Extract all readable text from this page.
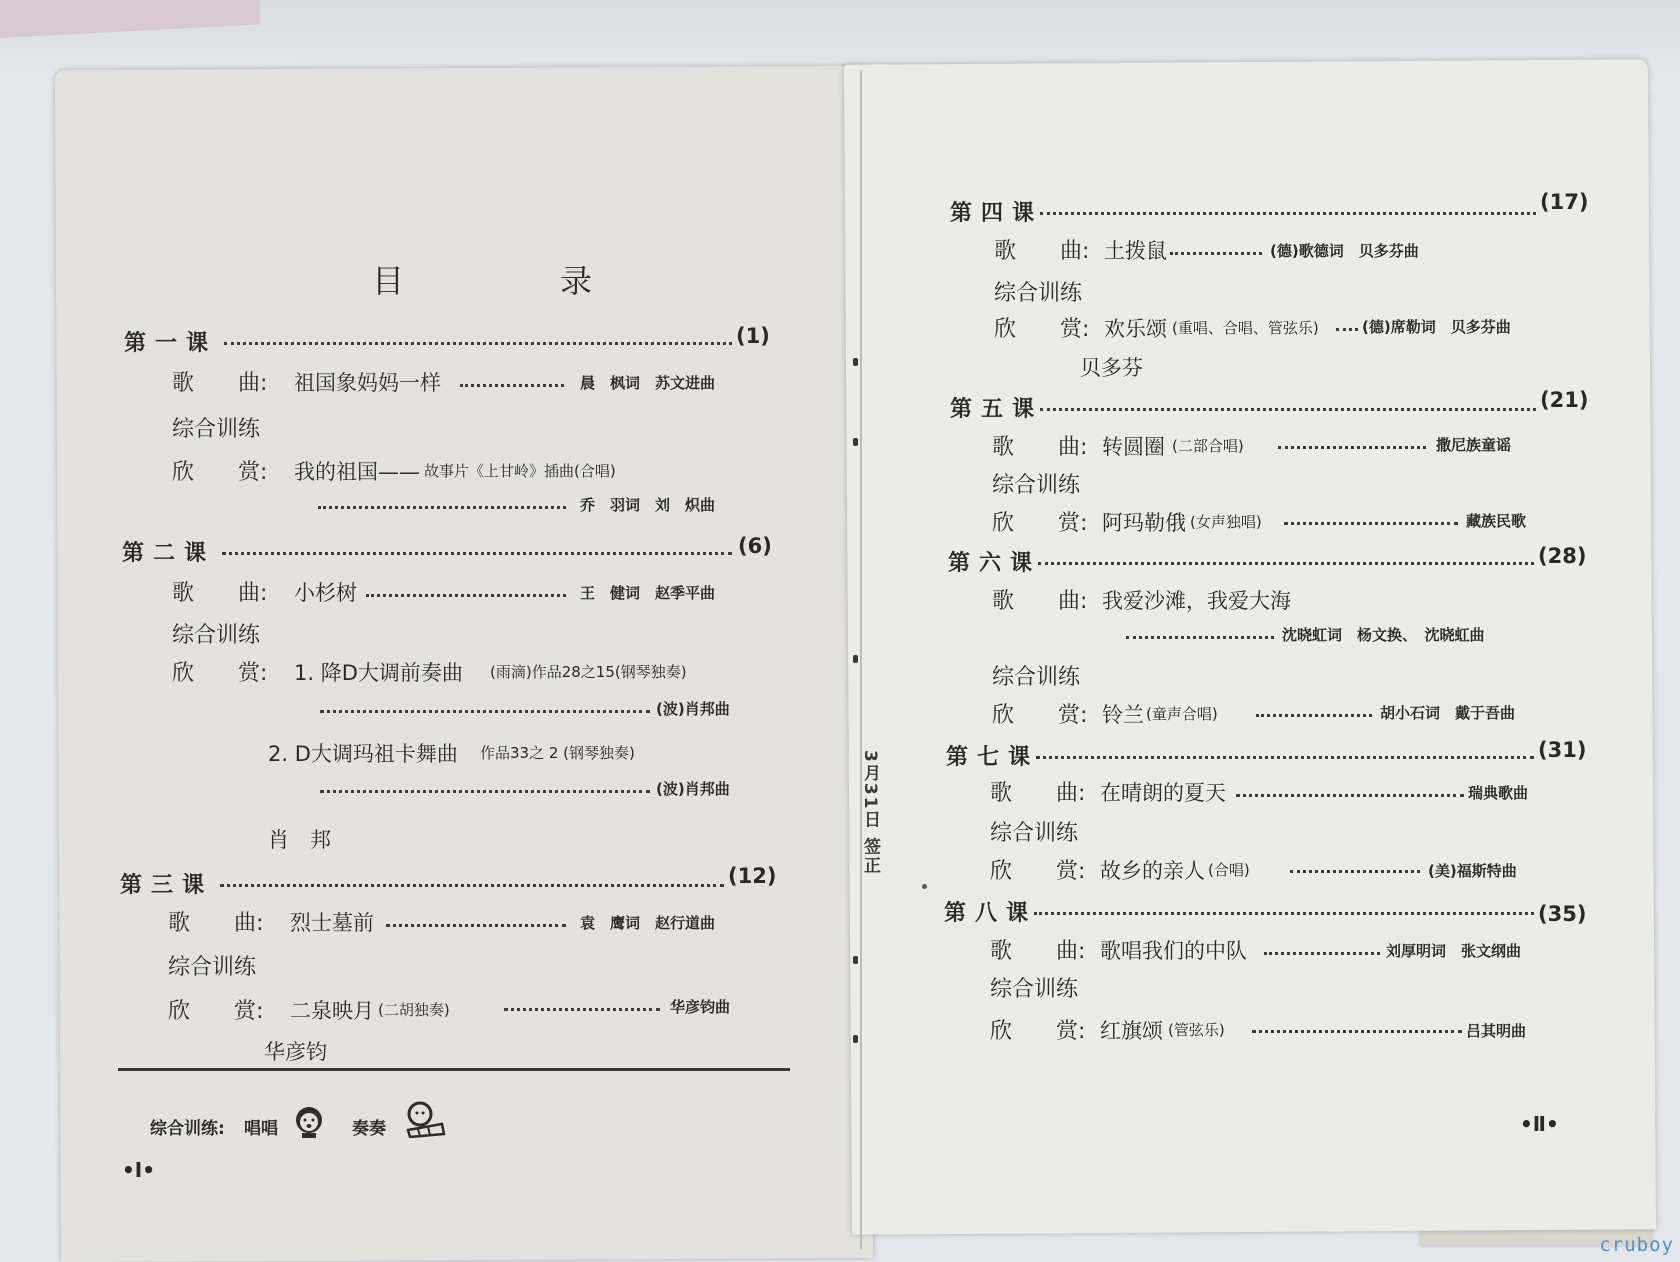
3月31日 签正
目　录
第一课	(1)
歌 曲: 祖国象妈妈一样	晨　枫词　苏文进曲
综合训练
欣 赏: 我的祖国—— 故事片《上甘岭》插曲(合唱)
乔　羽词　刘　炽曲
第二课	(6)
歌 曲: 小杉树	王　健词　赵季平曲
综合训练
欣 赏: 1. 降D大调前奏曲 (雨滴)作品28之15(钢琴独奏)
(波)肖邦曲
2. D大调玛祖卡舞曲 作品33之 2 (钢琴独奏)
(波)肖邦曲
肖　邦
第三课	(12)
歌 曲: 烈士墓前	袁　鹰词　赵行道曲
综合训练
欣 赏: 二泉映月 (二胡独奏)	华彦钧曲
华彦钧
综合训练: 唱唱	奏奏
•Ⅰ•
第四课	(17)
歌 曲: 土拨鼠	(德)歌德词　贝多芬曲
综合训练
欣 赏: 欢乐颂 (重唱、合唱、管弦乐)	(德)席勒词　贝多芬曲
贝多芬
第五课	(21)
歌 曲: 转圆圈 (二部合唱)	撒尼族童谣
综合训练
欣 赏: 阿玛勒俄 (女声独唱)	藏族民歌
第六课	(28)
歌 曲: 我爱沙滩，我爱大海
沈晓虹词　杨文换、　沈晓虹曲
综合训练
欣 赏: 铃兰 (童声合唱)	胡小石词　戴于吾曲
第七课	(31)
歌 曲: 在晴朗的夏天	瑞典歌曲
综合训练
欣 赏: 故乡的亲人 (合唱)	(美)福斯特曲
第八课	(35)
歌 曲: 歌唱我们的中队	刘厚明词　张文纲曲
综合训练
欣 赏: 红旗颂 (管弦乐)	吕其明曲
•Ⅱ•
cruboy
